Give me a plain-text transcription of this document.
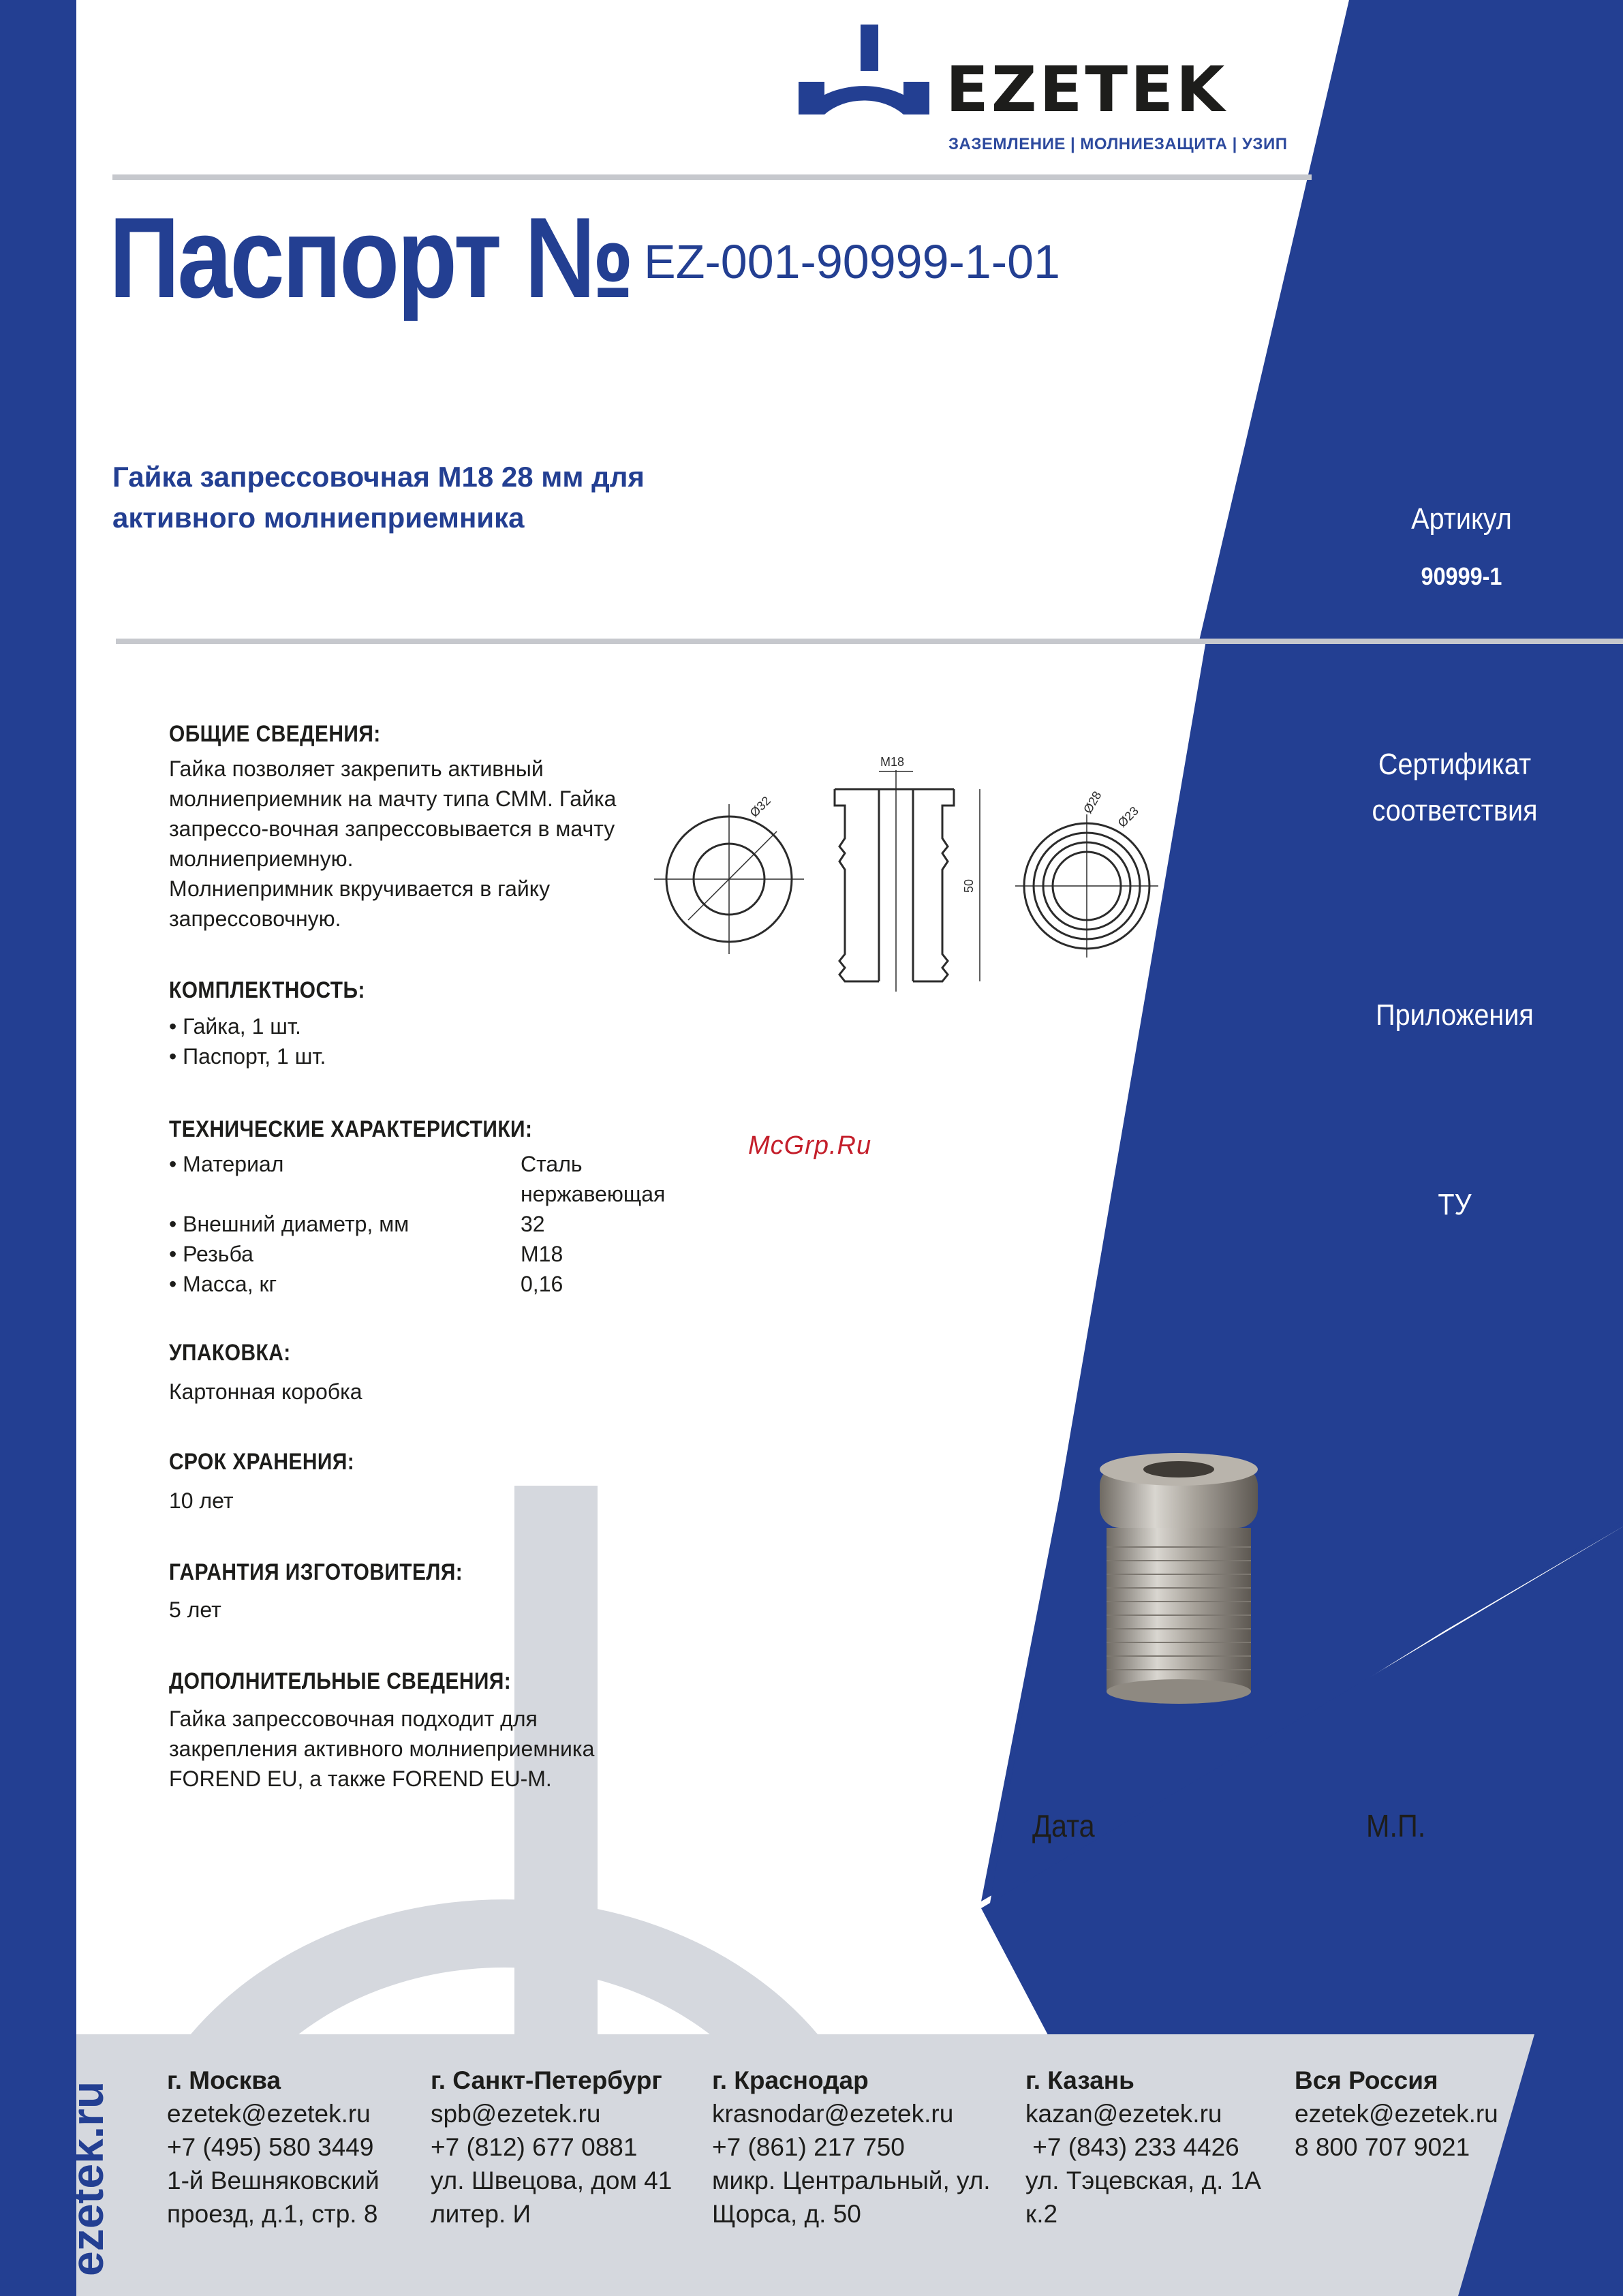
EZETEK
ЗАЗЕМЛЕНИЕ | МОЛНИЕЗАЩИТА | УЗИП
Паспорт № EZ-001-90999-1-01
Гайка запрессовочная M18 28 мм для активного молниеприемника	Артикул
90999-1
Сертификат соответствия
Приложения
ТУ
ОБЩИЕ СВЕДЕНИЯ:
Гайка позволяет закрепить активный
молниеприемник на мачту типа СММ. Гайка
запрессо-вочная запрессовывается в мачту
молниеприемную.
Молниепримник вкручивается в гайку
запрессовочную.
Ø32
M18
50
Ø28
Ø23
КОМПЛЕКТНОСТЬ:
• Гайка, 1 шт.
• Паспорт, 1 шт.
ТЕХНИЧЕСКИЕ ХАРАКТЕРИСТИКИ:
• Материал	Сталь нержавеющая
• Внешний диаметр, мм	32
• Резьба	M18
• Масса, кг	0,16
McGrp.Ru
УПАКОВКА:
Картонная коробка
СРОК ХРАНЕНИЯ:
10 лет
ГАРАНТИЯ ИЗГОТОВИТЕЛЯ:
5 лет
ДОПОЛНИТЕЛЬНЫЕ СВЕДЕНИЯ:
Гайка запрессовочная подходит для
закрепления активного молниеприемника
FOREND EU, а также FOREND EU-M.
Дата	М.П.
ezetek.ru
г. Москва
ezetek@ezetek.ru
+7 (495) 580 3449
1-й Вешняковский
проезд, д.1, стр. 8
г. Санкт-Петербург
spb@ezetek.ru
+7 (812) 677 0881
ул. Швецова, дом 41
литер. И
г. Краснодар
krasnodar@ezetek.ru
+7 (861) 217 750
микр. Центральный, ул.
Щорса, д. 50
г. Казань
kazan@ezetek.ru
+7 (843) 233 4426
ул. Тэцевская, д. 1А
к.2
Вся Россия
ezetek@ezetek.ru
8 800 707 9021
